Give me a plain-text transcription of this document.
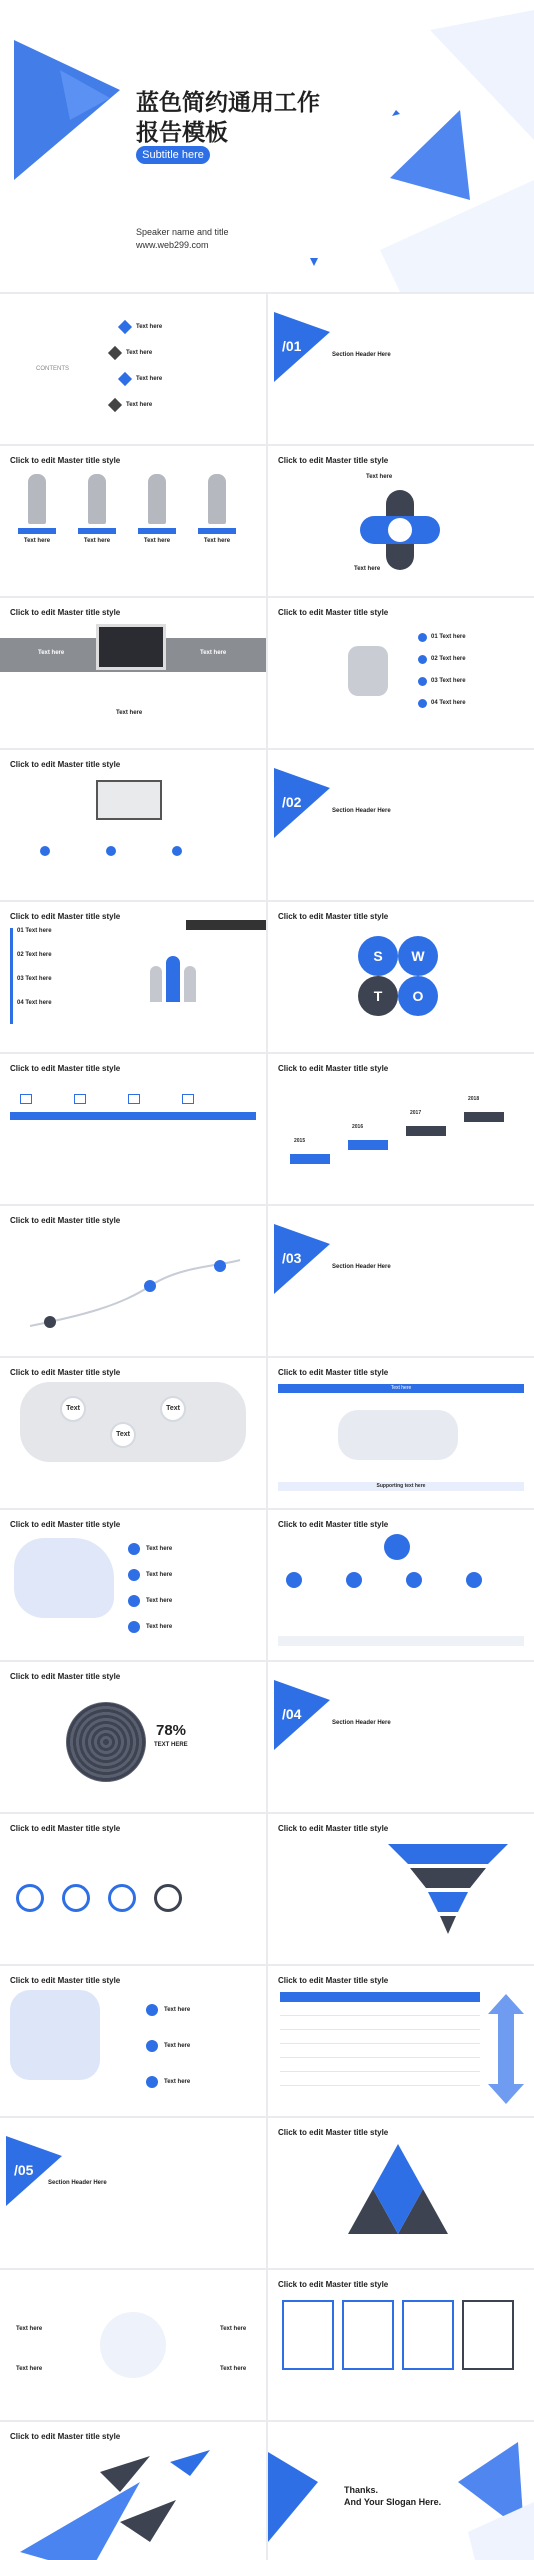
蓝色简约通用工作
报告模板
Subtitle here
Speaker name and title
www.web299.com
CONTENTS
Text here
Text here
Text here
Text here
/01
Section Header Here
Click to edit Master title style
Text here	Text here	Text here	Text here
Click to edit Master title style
Text here
Text here
Click to edit Master title style
Text here	Text here
Text here
Click to edit Master title style
01 Text here
02 Text here
03 Text here
04 Text here
Click to edit Master title style
/02
Section Header Here
Click to edit Master title style
01 Text here
02 Text here
03 Text here
04 Text here
Click to edit Master title style
S	W
T	O
Click to edit Master title style	Click to edit Master title style
2015
2016
2017
2018
Click to edit Master title style
/03
Section Header Here
Click to edit Master title style
Text
Text
Text
Click to edit Master title style
Text here
Supporting text here
Click to edit Master title style
Text here
Text here
Text here
Text here
Click to edit Master title style
Click to edit Master title style
78%
TEXT HERE
/04
Section Header Here
Click to edit Master title style	Click to edit Master title style
Click to edit Master title style
Text here
Text here
Text here
Click to edit Master title style
/05
Section Header Here
Click to edit Master title style
Text here
Text here
Text here
Text here
Click to edit Master title style
Click to edit Master title style
Thanks.
And Your Slogan Here.
